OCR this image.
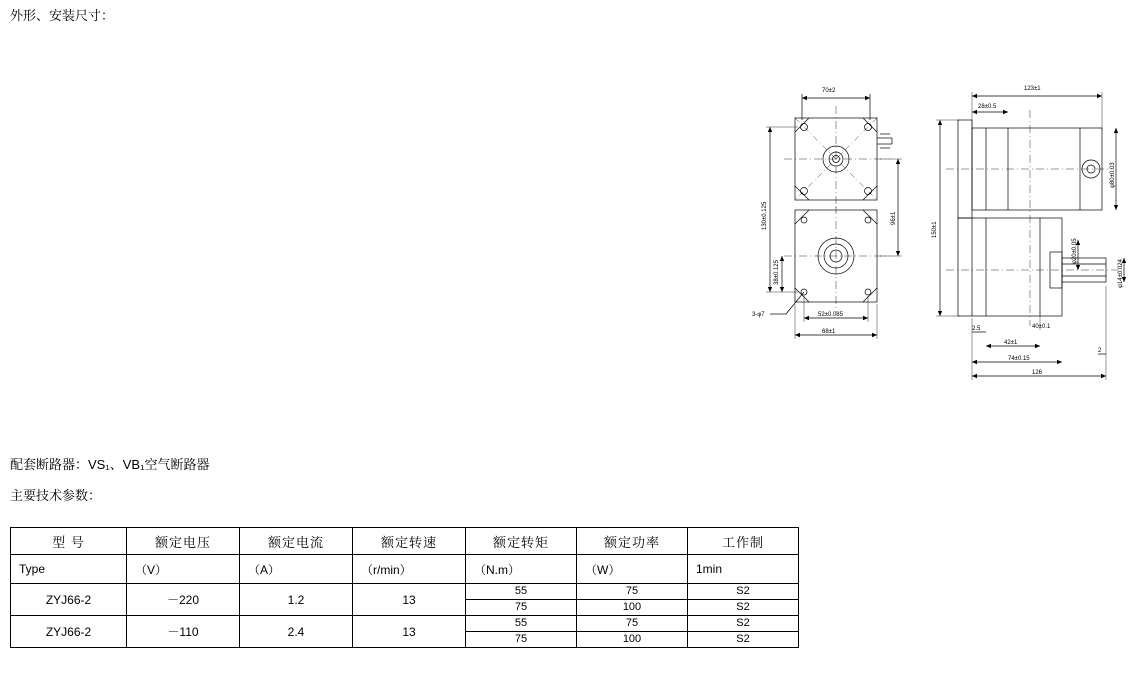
外形、安装尺寸：
70±2
130±0.125
38±0.125
96±1
52±0.085
68±1
3-φ7
123±1
28±0.5
150±1
φ80±0.03
φ14±0.024
φ20±0.05
40±0.1
2.5
42±1
74±0.15
126
2
配套断路器：VS₁、VB₁空气断路器
主要技术参数：
型 号	额定电压	额定电流	额定转速	额定转矩	额定功率	工作制
Type	（V）	（A）	（r/min）	（N.m）	（W）	1min
ZYJ66-2	－220	1.2	13	55	75	S2
				75	100	S2
ZYJ66-2	－110	2.4	13	55	75	S2
				75	100	S2
